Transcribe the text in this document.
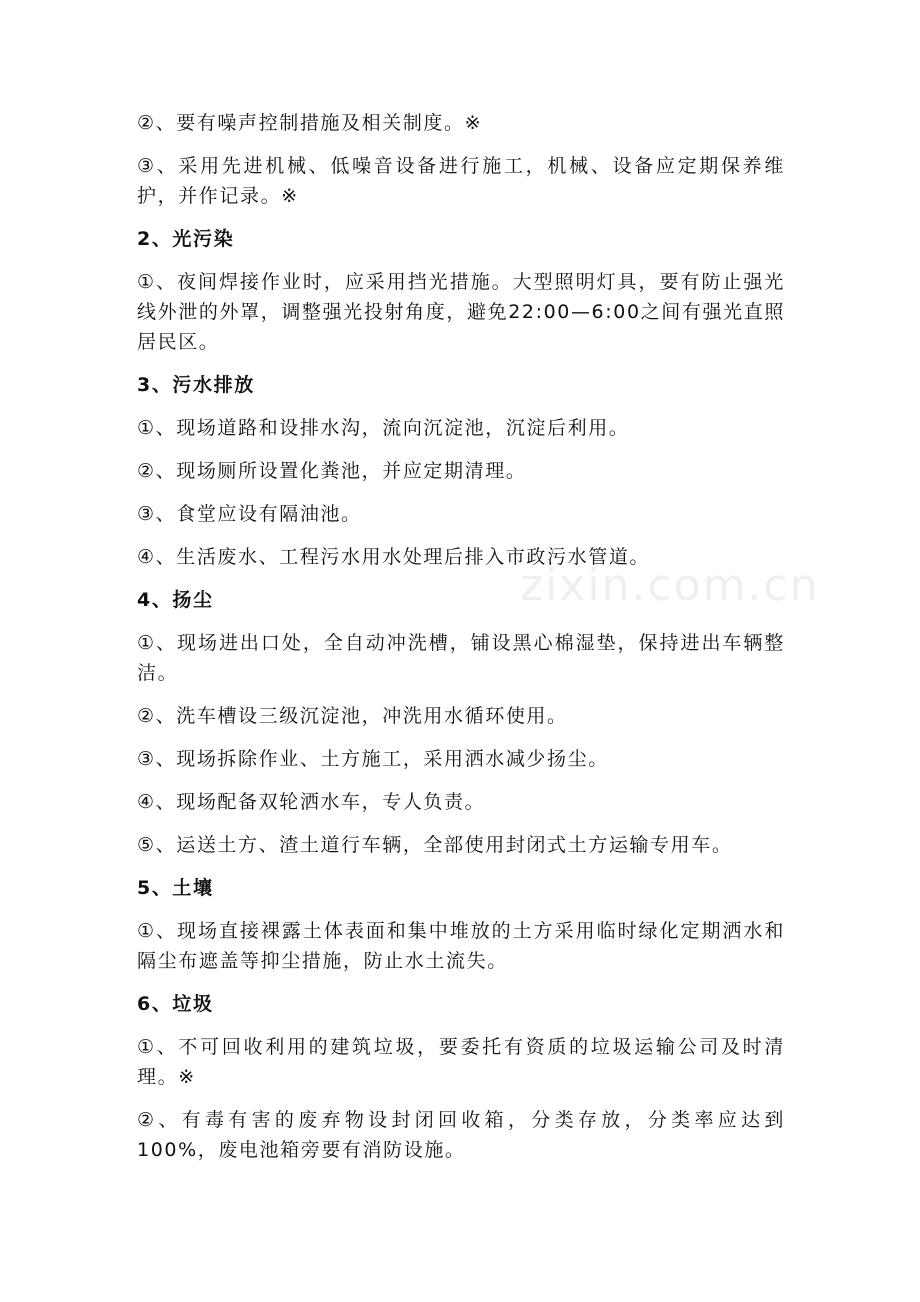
zixin.com.cn

②、要有噪声控制措施及相关制度。※

③、采用先进机械、低噪音设备进行施工，机械、设备应定期保养维护，并作记录。※

2、光污染

①、夜间焊接作业时，应采用挡光措施。大型照明灯具，要有防止强光线外泄的外罩，调整强光投射角度，避免22:00—6:00之间有强光直照居民区。

3、污水排放

①、现场道路和设排水沟，流向沉淀池，沉淀后利用。

②、现场厕所设置化粪池，并应定期清理。

③、食堂应设有隔油池。

④、生活废水、工程污水用水处理后排入市政污水管道。

4、扬尘

①、现场进出口处，全自动冲洗槽，铺设黑心棉湿垫，保持进出车辆整洁。

②、洗车槽设三级沉淀池，冲洗用水循环使用。

③、现场拆除作业、土方施工，采用洒水减少扬尘。

④、现场配备双轮洒水车，专人负责。

⑤、运送土方、渣土道行车辆，全部使用封闭式土方运输专用车。

5、土壤

①、现场直接裸露土体表面和集中堆放的土方采用临时绿化定期洒水和隔尘布遮盖等抑尘措施，防止水土流失。

6、垃圾

①、不可回收利用的建筑垃圾，要委托有资质的垃圾运输公司及时清理。※

②、有毒有害的废弃物设封闭回收箱，分类存放，分类率应达到100%，废电池箱旁要有消防设施。
